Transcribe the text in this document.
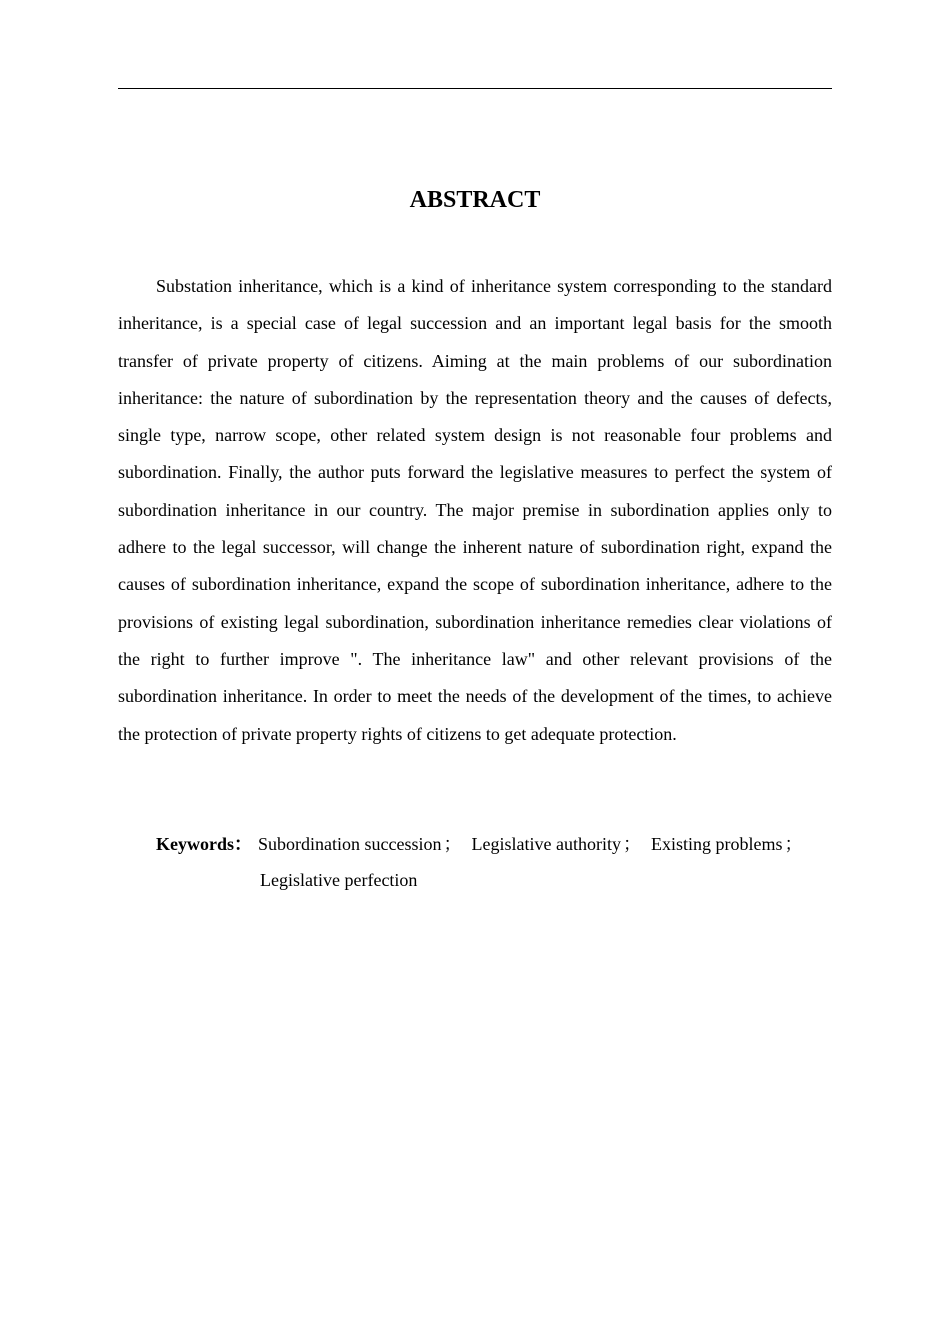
ABSTRACT

Substation inheritance, which is a kind of inheritance system corresponding to the standard inheritance, is a special case of legal succession and an important legal basis for the smooth transfer of private property of citizens. Aiming at the main problems of our subordination inheritance: the nature of subordination by the representation theory and the causes of defects, single type, narrow scope, other related system design is not reasonable four problems and subordination. Finally, the author puts forward the legislative measures to perfect the system of subordination inheritance in our country. The major premise in subordination applies only to adhere to the legal successor, will change the inherent nature of subordination right, expand the causes of subordination inheritance, expand the scope of subordination inheritance, adhere to the provisions of existing legal subordination, subordination inheritance remedies clear violations of the right to further improve ". The inheritance law" and other relevant provisions of the subordination inheritance. In order to meet the needs of the development of the times, to achieve the protection of private property rights of citizens to get adequate protection.

Keywords： Subordination succession ； Legislative authority ； Existing problems ；
Legislative perfection
